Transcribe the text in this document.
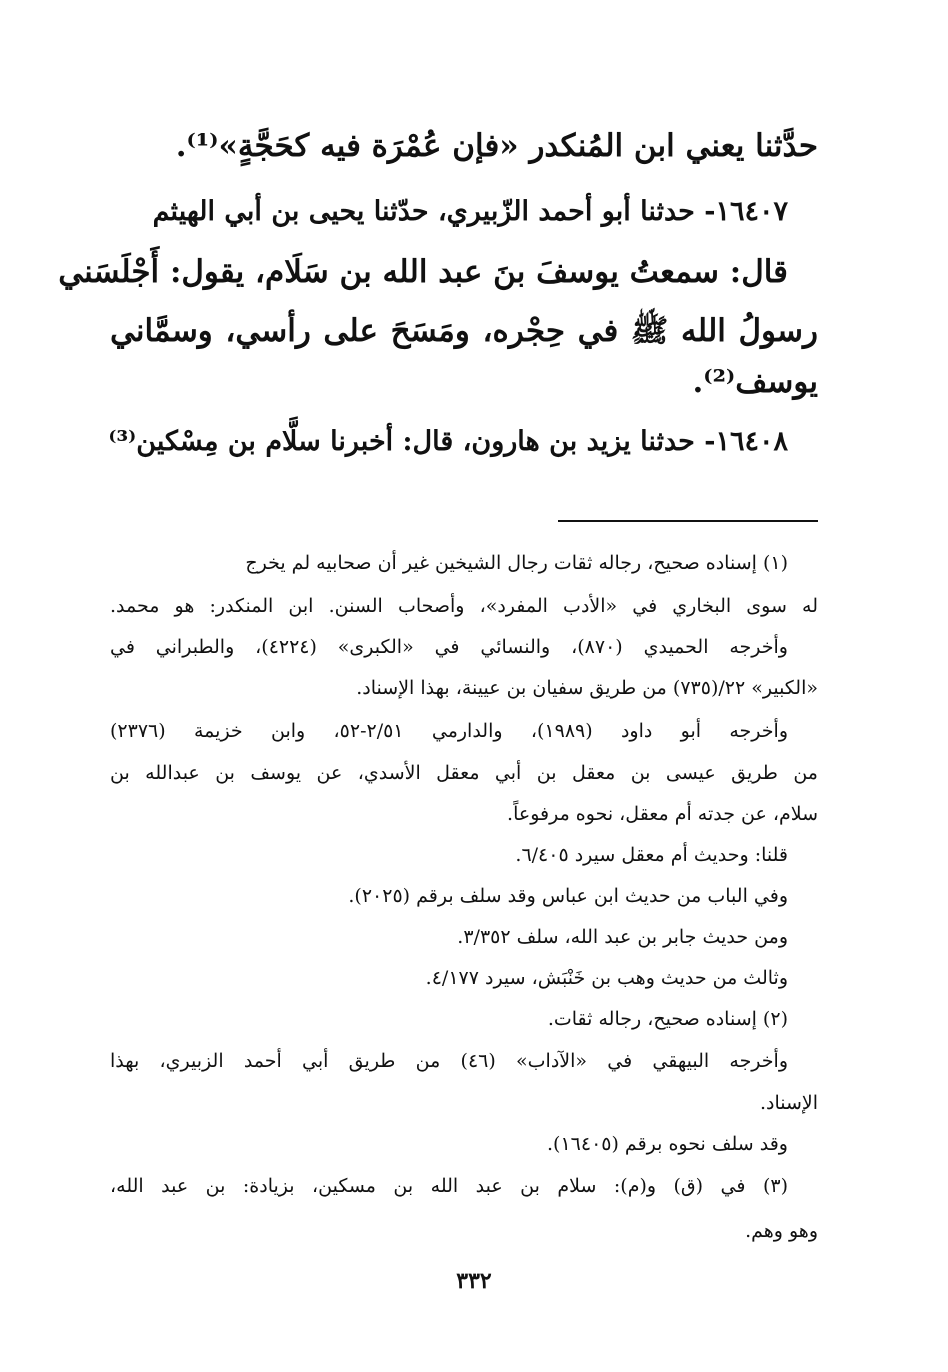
حدَّثنا يعني ابن المُنكدر «فإن عُمْرَة فيه كحَجَّةٍ»⁽¹⁾.
١٦٤٠٧- حدثنا أبو أحمد الزّبيري، حدّثنا يحيى بن أبي الهيثم
قال: سمعتُ يوسفَ بنَ عبد الله بن سَلَام، يقول: أَجْلَسَني
رسولُ الله ﷺ في حِجْره، ومَسَحَ على رأسي، وسمَّاني
يوسف⁽²⁾.
١٦٤٠٨- حدثنا يزيد بن هارون، قال: أخبرنا سلَّام بن مِسْكين⁽³⁾
(١) إسناده صحيح، رجاله ثقات رجال الشيخين غير أن صحابيه لم يخرج
له سوى البخاري في «الأدب المفرد»، وأصحاب السنن. ابن المنكدر: هو محمد.
وأخرجه الحميدي (٨٧٠)، والنسائي في «الكبرى» (٤٢٢٤)، والطبراني في
«الكبير» ٢٢/(٧٣٥) من طريق سفيان بن عيينة، بهذا الإسناد.
وأخرجه أبو داود (١٩٨٩)، والدارمي ٢/٥١-٥٢، وابن خزيمة (٢٣٧٦)
من طريق عيسى بن معقل بن أبي معقل الأسدي، عن يوسف بن عبدالله بن
سلام، عن جدته أم معقل، نحوه مرفوعاً.
قلنا: وحديث أم معقل سيرد ٦/٤٠٥.
وفي الباب من حديث ابن عباس وقد سلف برقم (٢٠٢٥).
ومن حديث جابر بن عبد الله، سلف ٣/٣٥٢.
وثالث من حديث وهب بن خَنْبَش، سيرد ٤/١٧٧.
(٢) إسناده صحيح، رجاله ثقات.
وأخرجه البيهقي في «الآداب» (٤٦) من طريق أبي أحمد الزبيري، بهذا
الإسناد.
وقد سلف نحوه برقم (١٦٤٠٥).
(٣) في (ق) و(م): سلام بن عبد الله بن مسكين، بزيادة: بن عبد الله،
وهو وهم.
٣٣٢
